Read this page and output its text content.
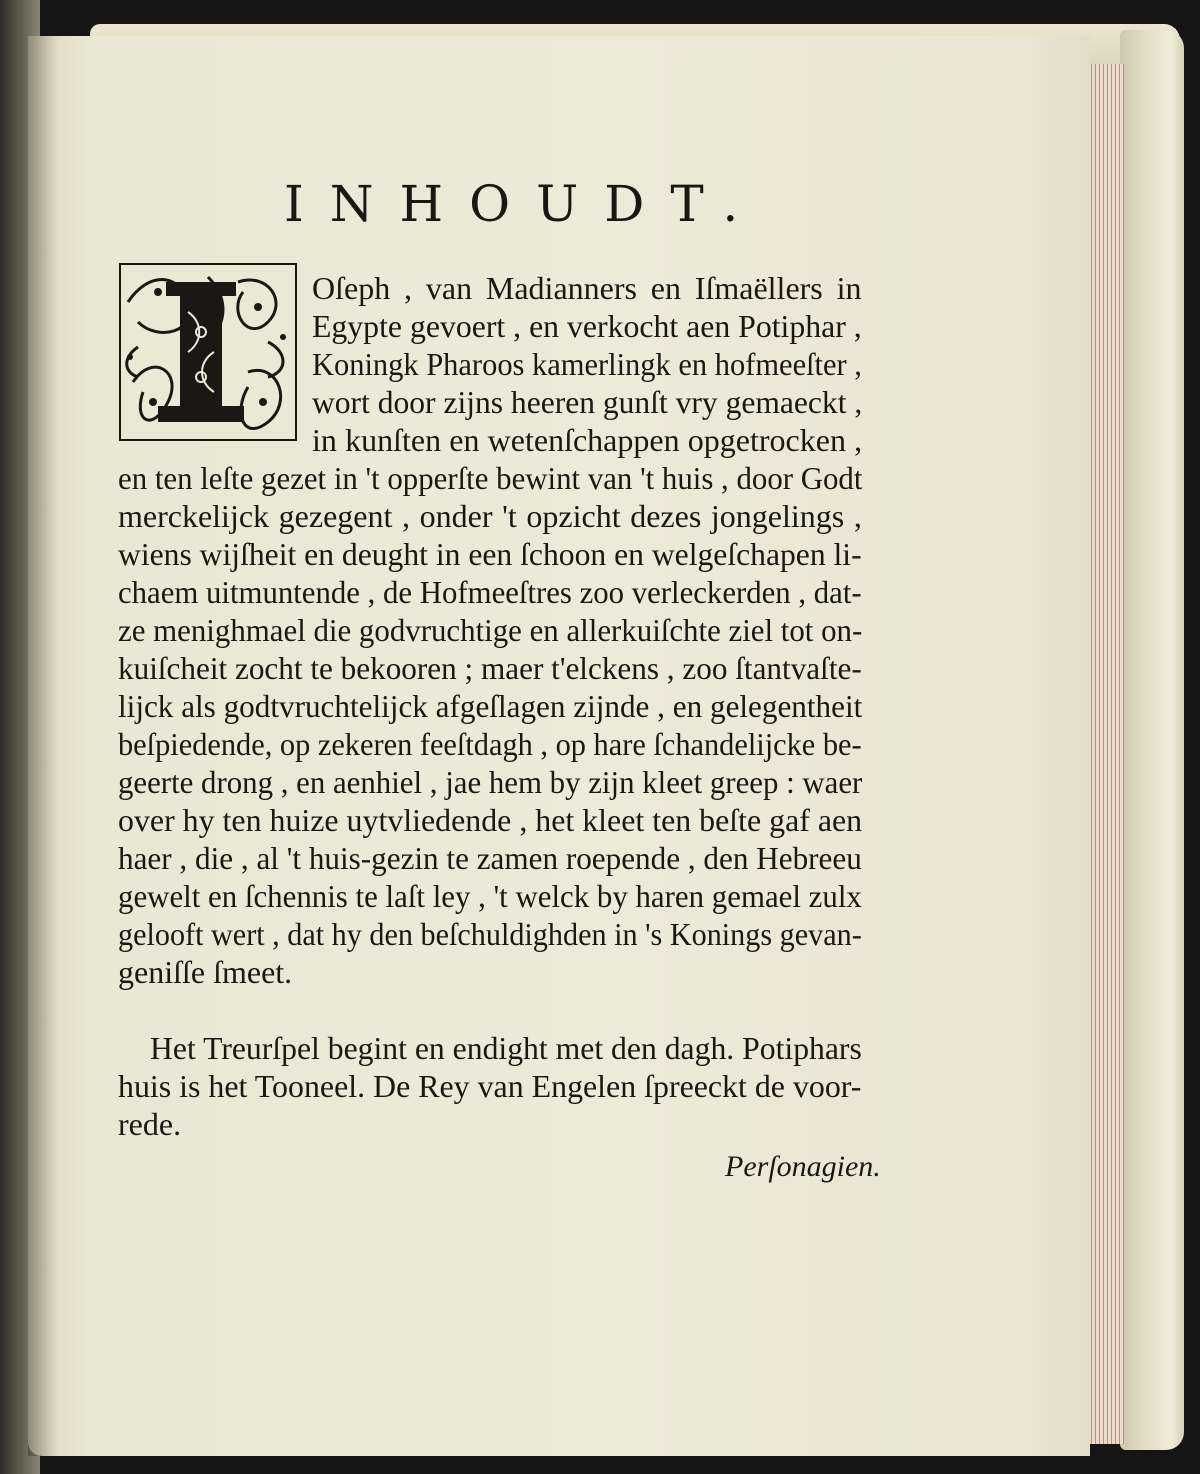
INHOUDT.

Oſeph , van Madianners en Iſmaëllers in

Egypte gevoert , en verkocht aen Potiphar ,

Koningk Pharoos kamerlingk en hofmeeſter ,

wort door zijns heeren gunſt vry gemaeckt ,

in kunſten en wetenſchappen opgetrocken ,

en ten leſte gezet in 't opperſte bewint van 't huis , door Godt

merckelijck gezegent , onder 't opzicht dezes jongelings ,

wiens wijſheit en deught in een ſchoon en welgeſchapen li-

chaem uitmuntende , de Hofmeeſtres zoo verleckerden , dat-

ze menighmael die godvruchtige en allerkuiſchte ziel tot on-

kuiſcheit zocht te bekooren ; maer t'elckens , zoo ſtantvaſte-

lijck als godtvruchtelijck afgeſlagen zijnde , en gelegentheit

beſpiedende, op zekeren feeſtdagh , op hare ſchandelijcke be-

geerte drong , en aenhiel , jae hem by zijn kleet greep : waer

over hy ten huize uytvliedende , het kleet ten beſte gaf aen

haer , die , al 't huis-gezin te zamen roepende , den Hebreeu

gewelt en ſchennis te laſt ley , 't welck by haren gemael zulx

gelooft wert , dat hy den beſchuldighden in 's Konings gevan-

geniſſe ſmeet.

Het Treurſpel begint en endight met den dagh. Potiphars

huis is het Tooneel. De Rey van Engelen ſpreeckt de voor-

rede.

Perſonagien.
